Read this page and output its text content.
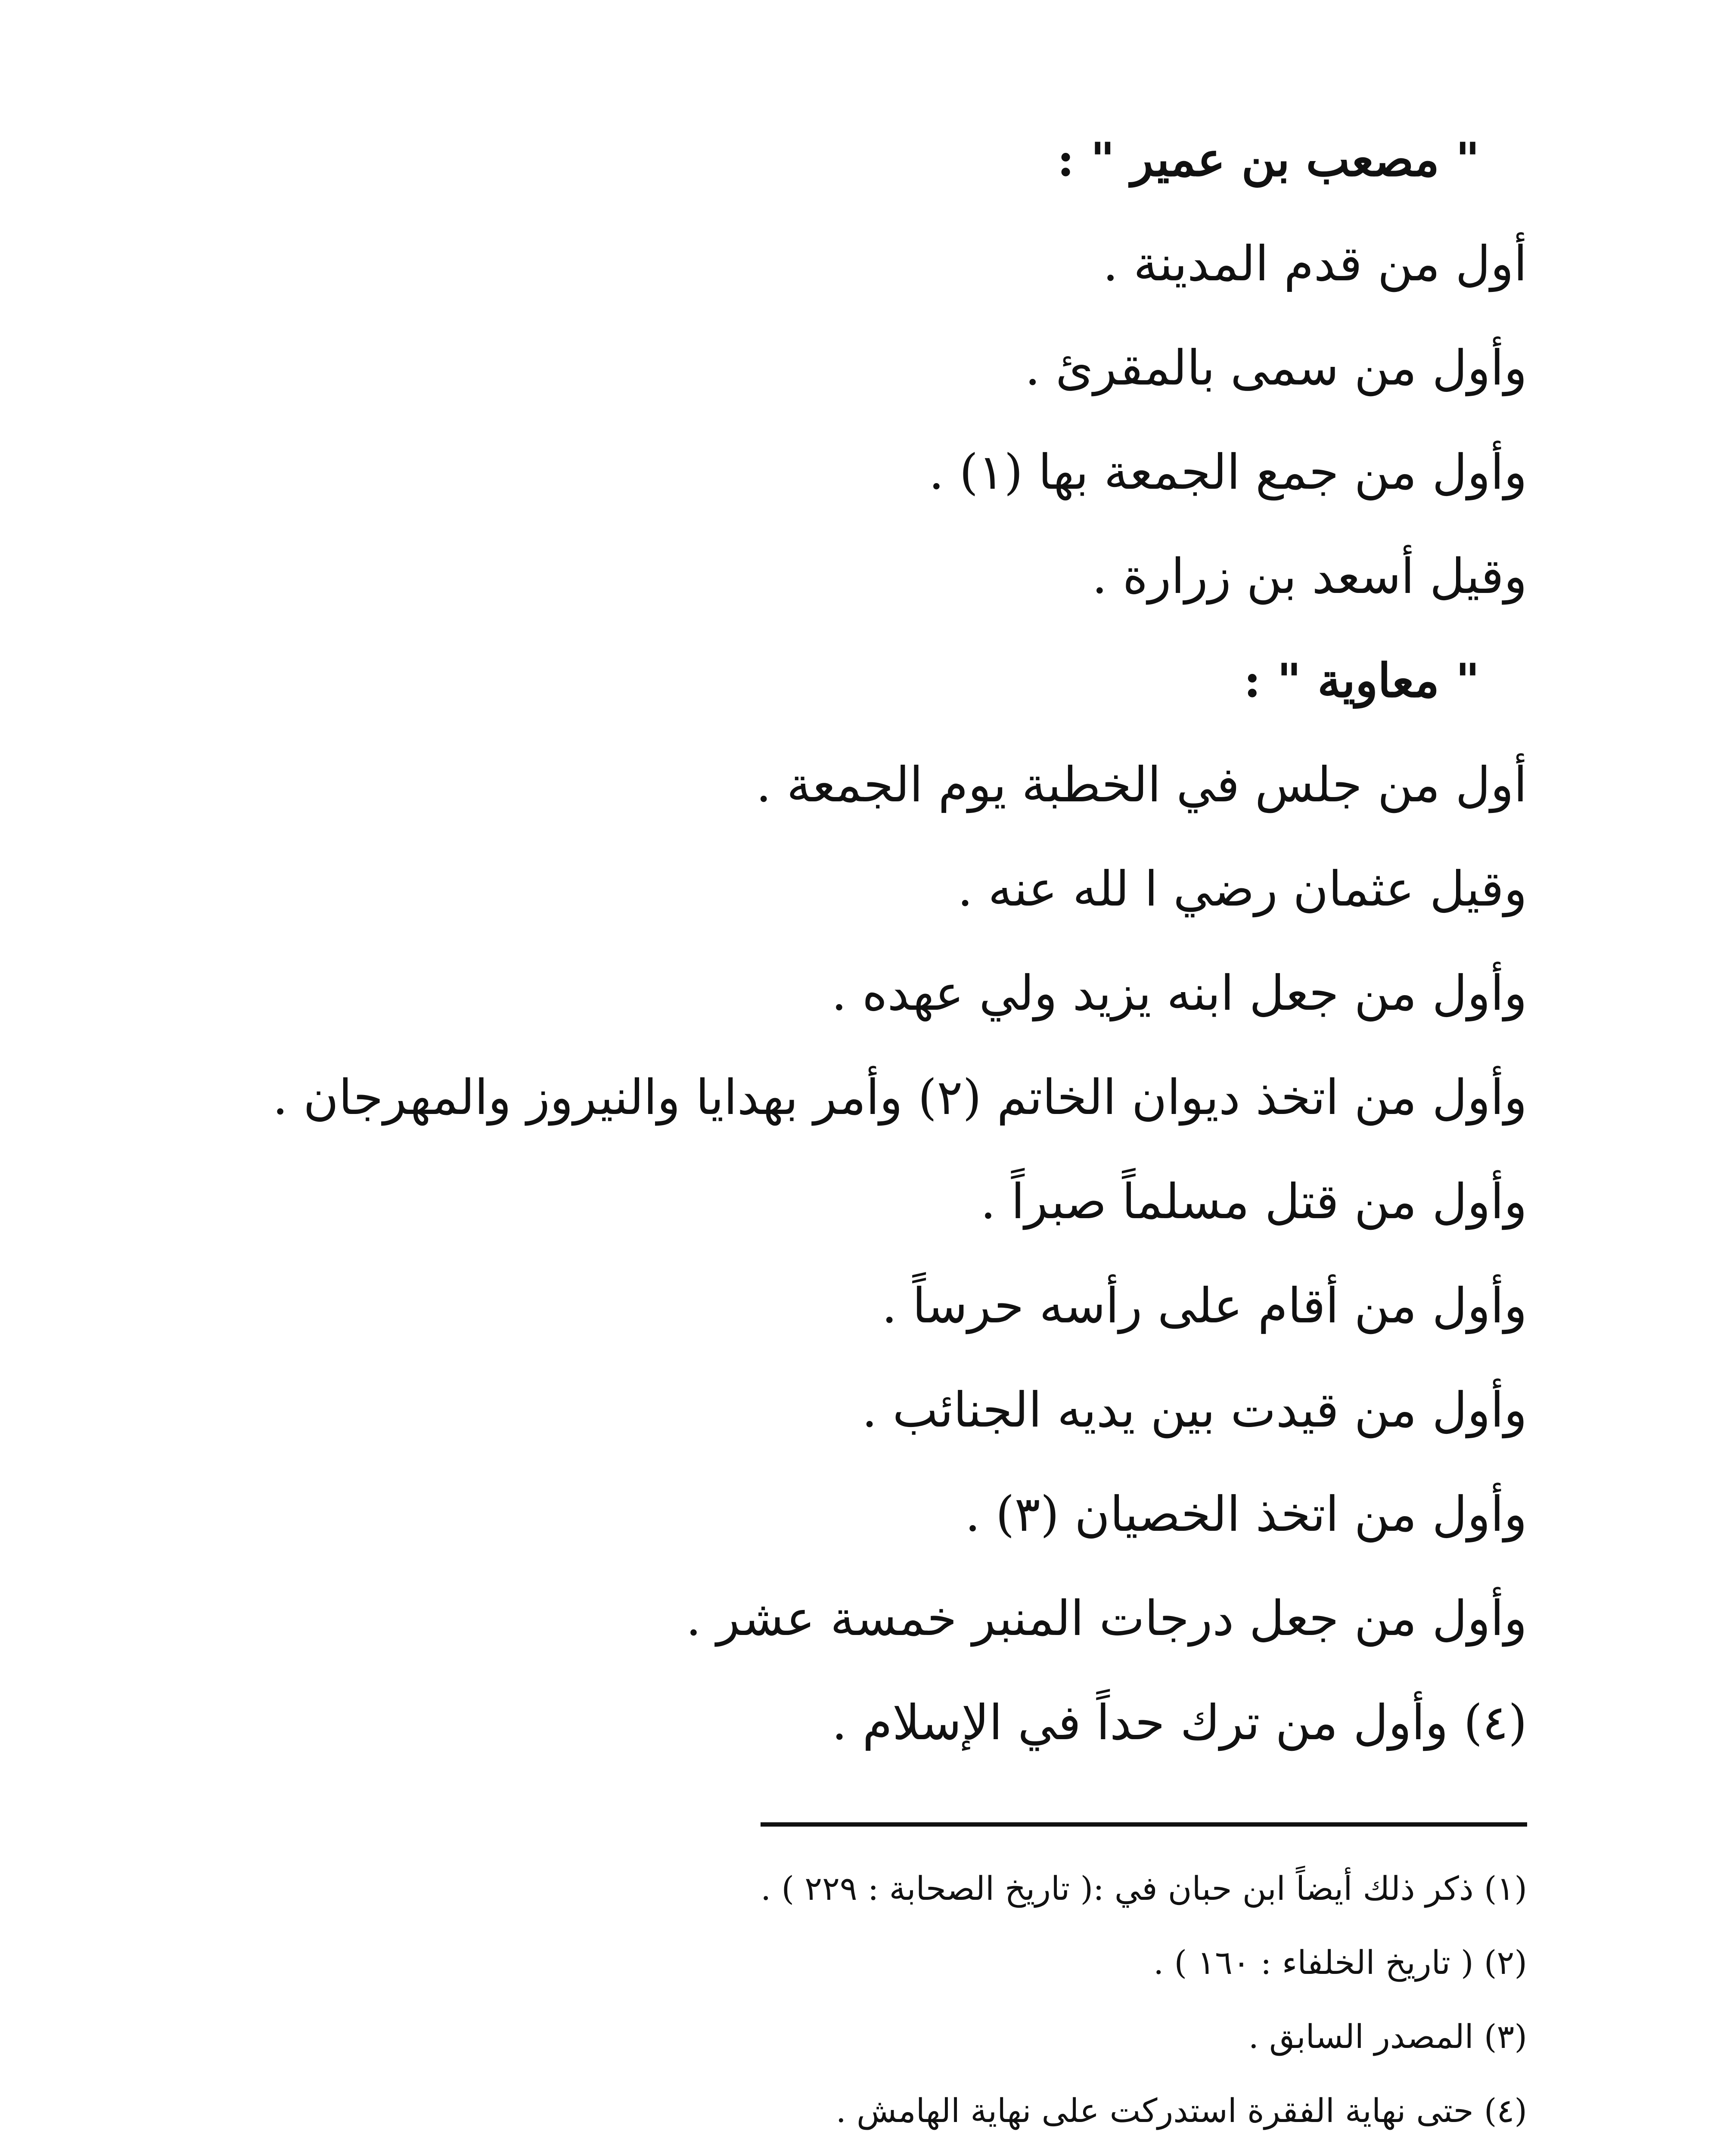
" مصعب بن عمير " :
أول من قدم المدينة .
وأول من سمى بالمقرئ .
وأول من جمع الجمعة بها (١) .
وقيل أسعد بن زرارة .
" معاوية " :
أول من جلس في الخطبة يوم الجمعة .
وقيل عثمان رضي ا لله عنه .
وأول من جعل ابنه يزيد ولي عهده .
وأول من اتخذ ديوان الخاتم (٢) وأمر بهدايا والنيروز والمهرجان .
وأول من قتل مسلماً صبراً .
وأول من أقام على رأسه حرساً .
وأول من قيدت بين يديه الجنائب .
وأول من اتخذ الخصيان (٣) .
وأول من جعل درجات المنبر خمسة عشر .
(٤) وأول من ترك حداً في الإسلام .
(١) ذكر ذلك أيضاً ابن حبان في :( تاريخ الصحابة : ٢٢٩ ) .
(٢) ( تاريخ الخلفاء : ١٦٠ ) .
(٣) المصدر السابق .
(٤) حتى نهاية الفقرة استدركت على نهاية الهامش .
